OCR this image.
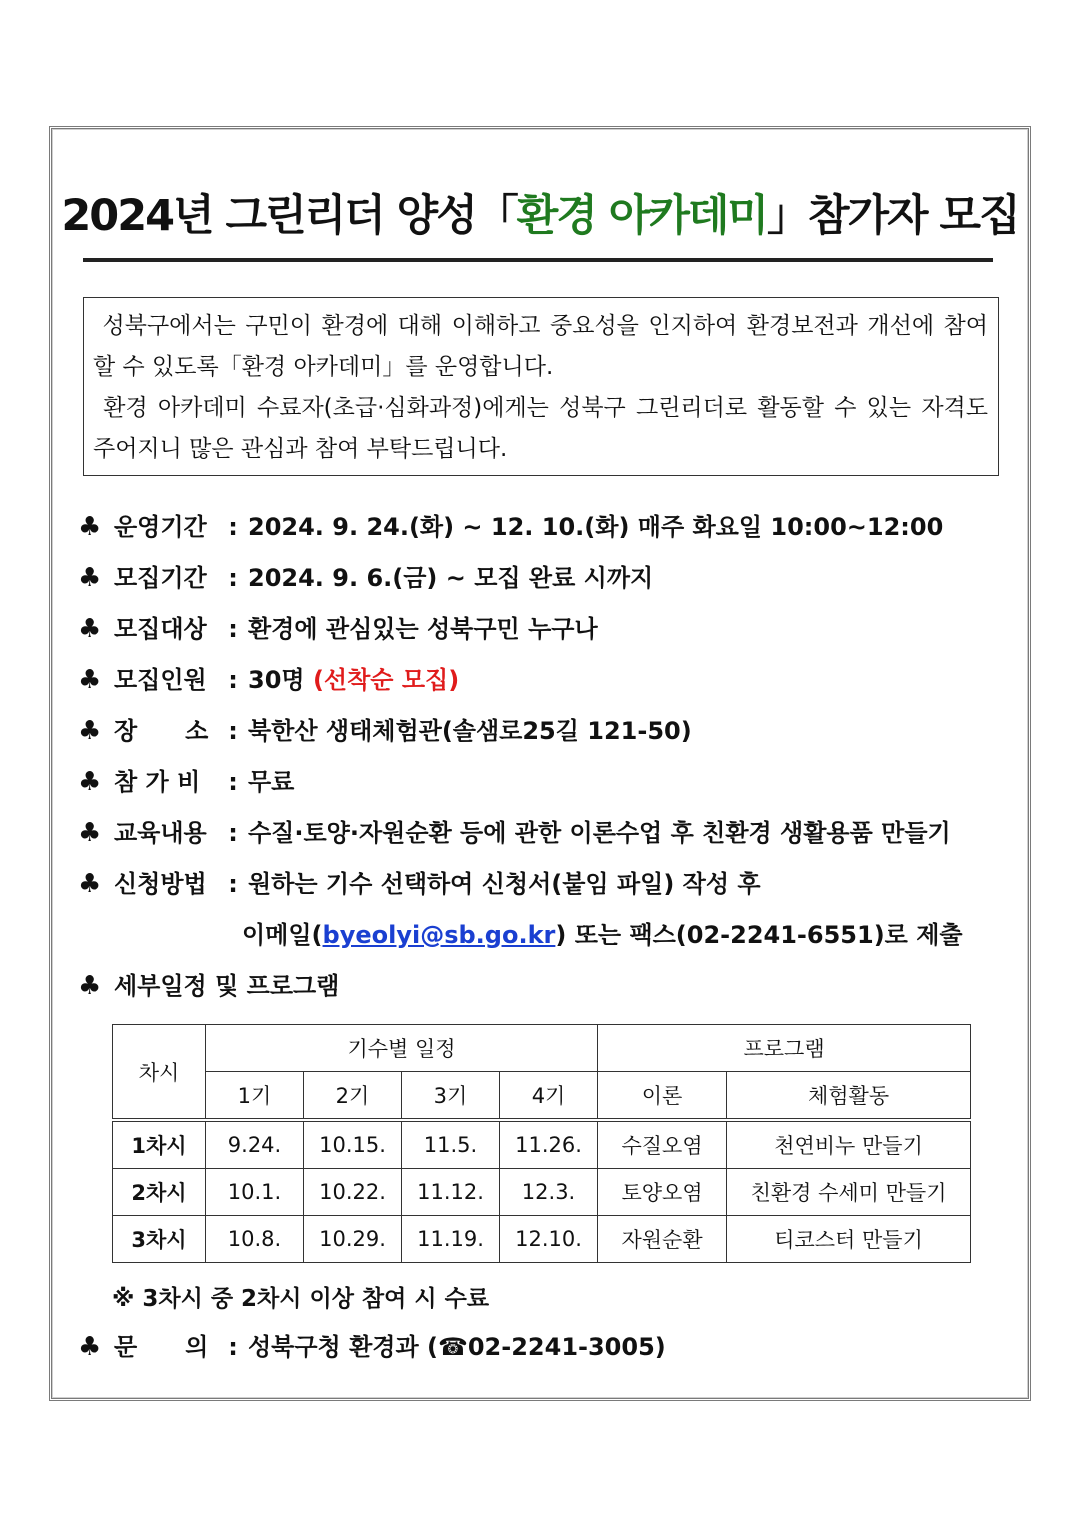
2024년 그린리더 양성「환경 아카데미」참가자 모집

성북구에서는 구민이 환경에 대해 이해하고 중요성을 인지하여 환경보전과 개선에 참여할 수 있도록「환경 아카데미」를 운영합니다.

환경 아카데미 수료자(초급·심화과정)에게는 성북구 그린리더로 활동할 수 있는 자격도 주어지니 많은 관심과 참여 부탁드립니다.

♣ 운영기간 : 2024. 9. 24.(화) ~ 12. 10.(화) 매주 화요일 10:00~12:00
♣ 모집기간 : 2024. 9. 6.(금) ~ 모집 완료 시까지
♣ 모집대상 : 환경에 관심있는 성북구민 누구나
♣ 모집인원 : 30명 (선착순 모집)
♣ 장　　소 : 북한산 생태체험관(솔샘로25길 121-50)
♣ 참 가 비 : 무료
♣ 교육내용 : 수질·토양·자원순환 등에 관한 이론수업 후 친환경 생활용품 만들기
♣ 신청방법 : 원하는 기수 선택하여 신청서(붙임 파일) 작성 후
이메일(byeolyi@sb.go.kr) 또는 팩스(02-2241-6551)로 제출
♣ 세부일정 및 프로그램
차시	기수별 일정				프로그램	
	1기	2기	3기	4기	이론	체험활동
1차시	9.24.	10.15.	11.5.	11.26.	수질오염	천연비누 만들기
2차시	10.1.	10.22.	11.12.	12.3.	토양오염	친환경 수세미 만들기
3차시	10.8.	10.29.	11.19.	12.10.	자원순환	티코스터 만들기
※ 3차시 중 2차시 이상 참여 시 수료
♣ 문　　의 : 성북구청 환경과 (☎02-2241-3005)
